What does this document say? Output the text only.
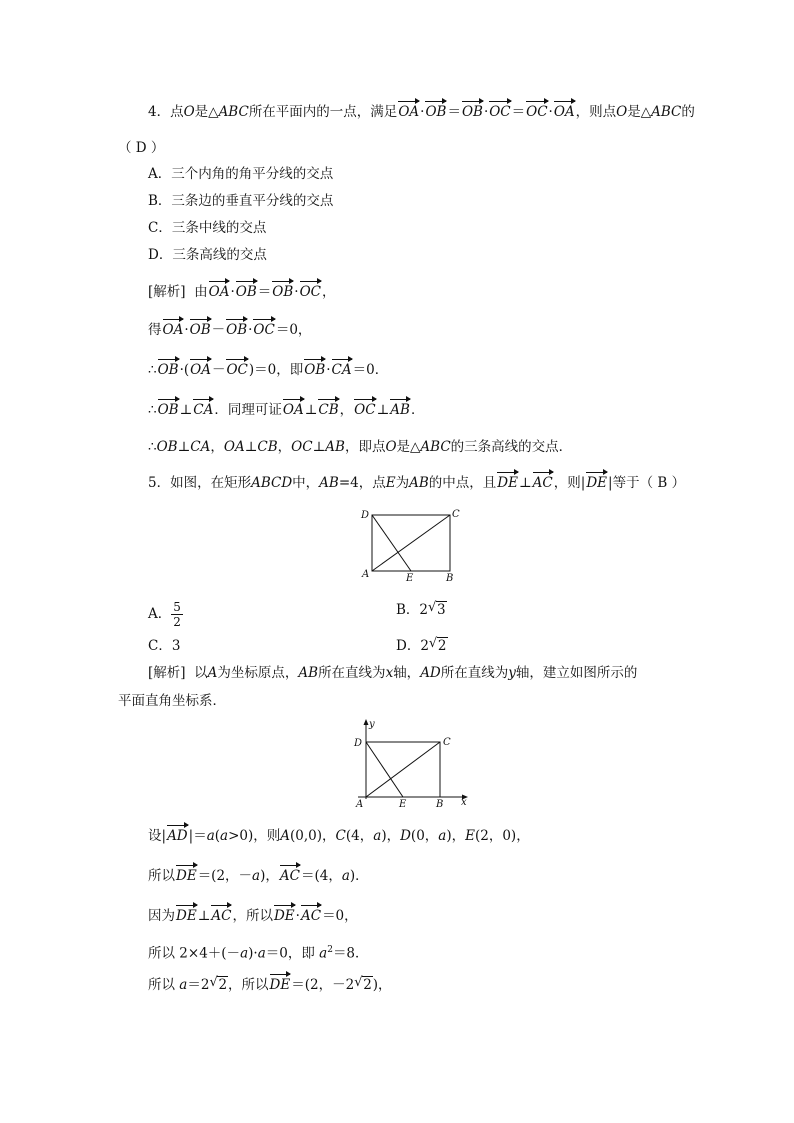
4．点O是△ABC所在平面内的一点，满足OA·OB＝OB·OC＝OC·OA，则点O是△ABC的
（ D ）
A．三个内角的角平分线的交点
B．三条边的垂直平分线的交点
C．三条中线的交点
D．三条高线的交点
[解析] 由OA·OB＝OB·OC，
得OA·OB－OB·OC＝0，
∴OB·(OA－OC)＝0，即OB·CA＝0．
∴OB⊥CA．同理可证OA⊥CB，OC⊥AB．
∴OB⊥CA，OA⊥CB，OC⊥AB，即点O是△ABC的三条高线的交点．
5．如图，在矩形ABCD中，AB=4，点E为AB的中点，且DE⊥AC，则|DE|等于（ B ）
D	C
A	E	B
A． $\frac{5}{2}$	B．2 √ 3
C．3	D．2 √ 2
[解析] 以A为坐标原点，AB所在直线为x轴，AD所在直线为y轴，建立如图所示的
平面直角坐标系．
y
D	C
A	E	B x
设|AD|＝a(a>0)，则A(0,0)，C(4，a)，D(0，a)，E(2，0)，
所以DE＝(2，－a)，AC＝(4，a)．
因为DE⊥AC，所以DE·AC＝0，
所以 2×4＋(－a)·a＝0，即 $a^2=8$．
所以 a＝2 √ 2，所以DE＝(2，－2 √ 2)，
